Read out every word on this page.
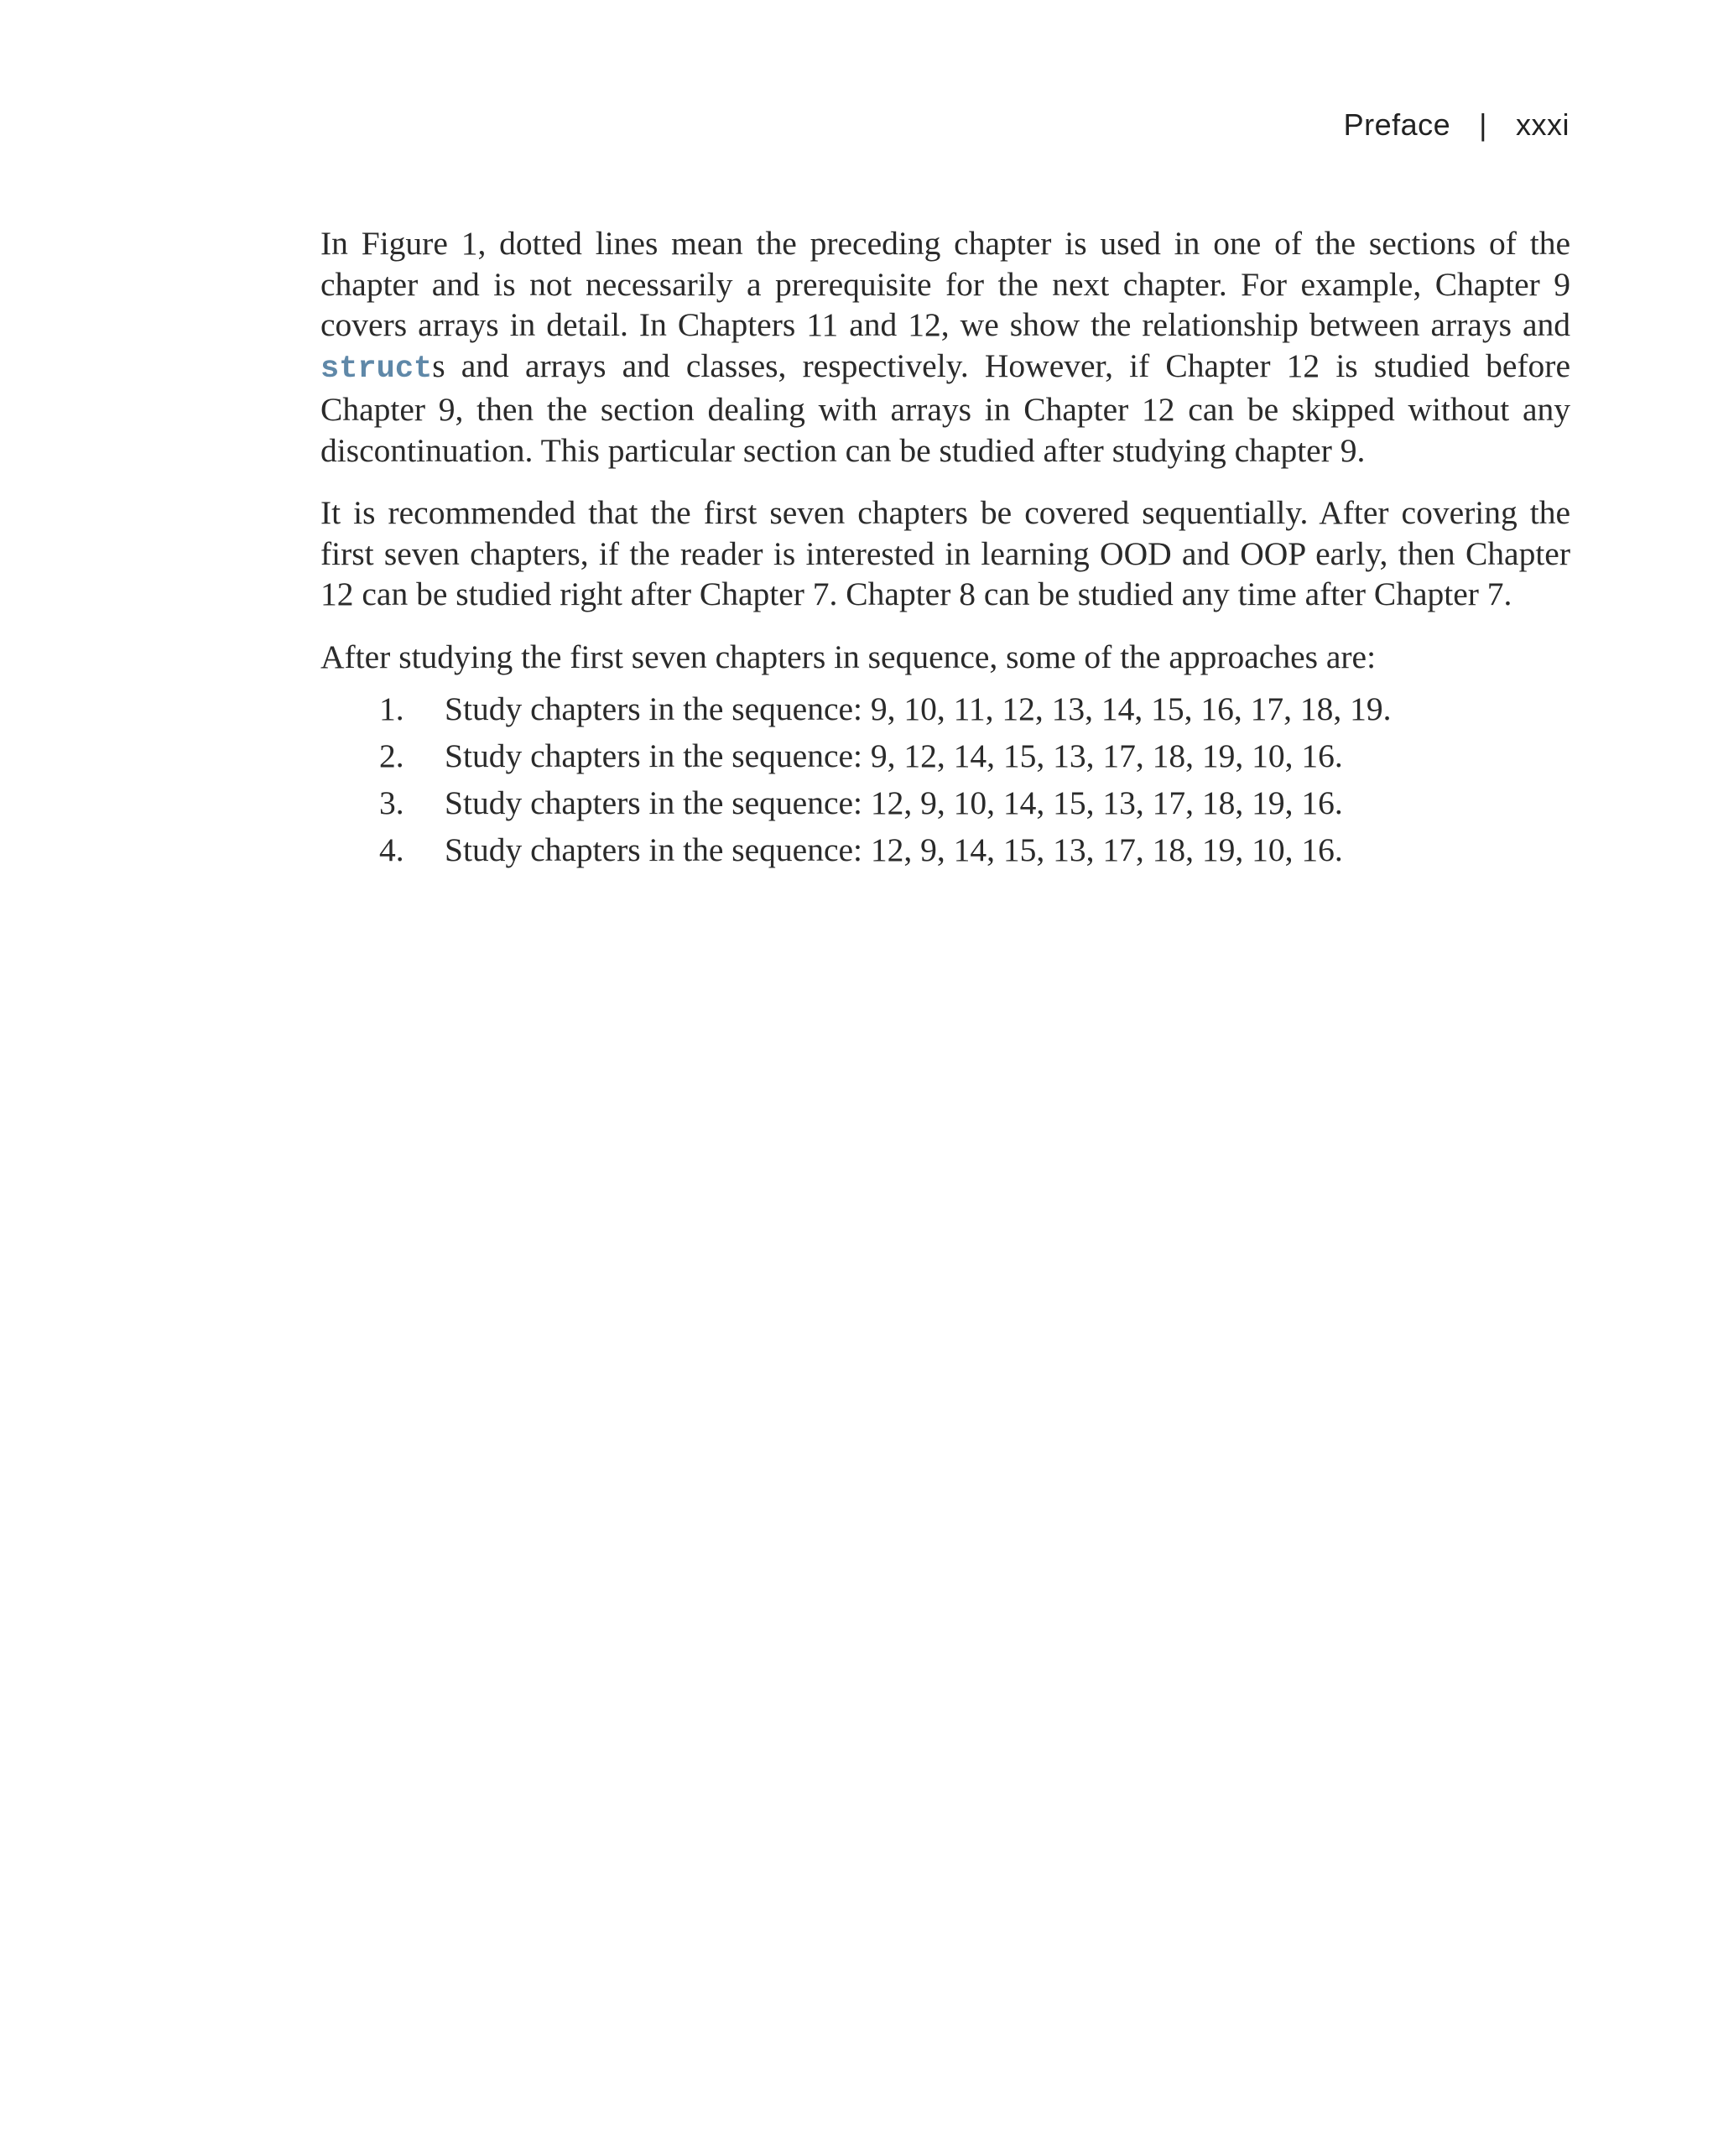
Preface | xxxi

In Figure 1, dotted lines mean the preceding chapter is used in one of the sections of the chapter and is not necessarily a prerequisite for the next chapter. For example, Chapter 9 covers arrays in detail. In Chapters 11 and 12, we show the relationship between arrays and structs and arrays and classes, respectively. However, if Chapter 12 is studied before Chapter 9, then the section dealing with arrays in Chapter 12 can be skipped without any discontinuation. This particular section can be studied after studying chapter 9.

It is recommended that the first seven chapters be covered sequentially. After covering the first seven chapters, if the reader is interested in learning OOD and OOP early, then Chapter 12 can be studied right after Chapter 7. Chapter 8 can be studied any time after Chapter 7.

After studying the first seven chapters in sequence, some of the approaches are:

1.	Study chapters in the sequence: 9, 10, 11, 12, 13, 14, 15, 16, 17, 18, 19.
2.	Study chapters in the sequence: 9, 12, 14, 15, 13, 17, 18, 19, 10, 16.
3.	Study chapters in the sequence: 12, 9, 10, 14, 15, 13, 17, 18, 19, 16.
4.	Study chapters in the sequence: 12, 9, 14, 15, 13, 17, 18, 19, 10, 16.
